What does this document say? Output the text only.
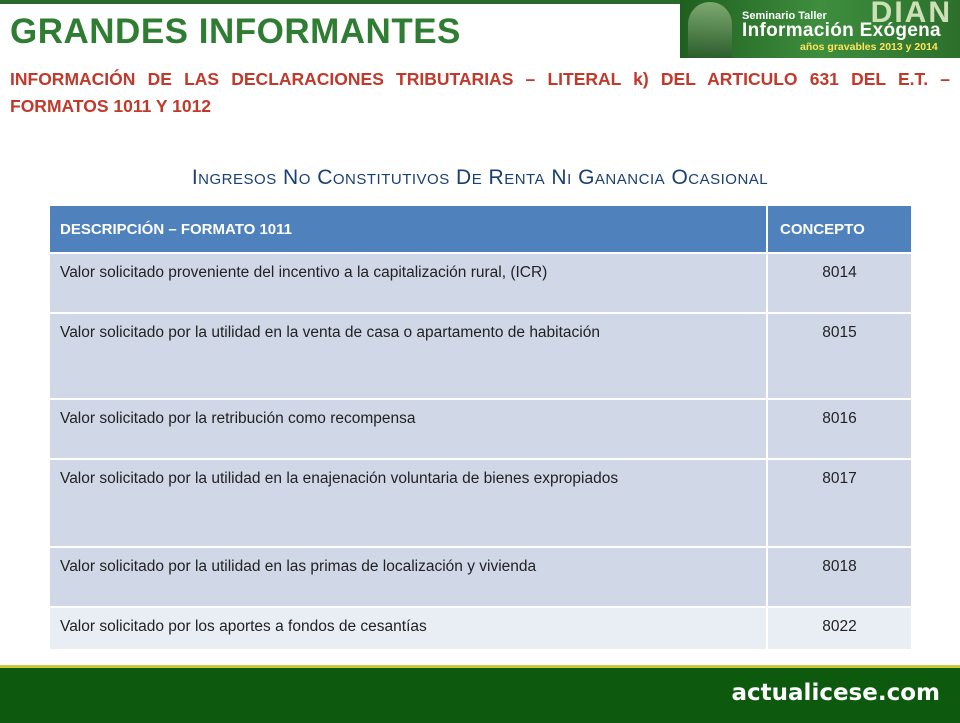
GRANDES INFORMANTES	DIAN
Seminario Taller
Información Exógena
años gravables 2013 y 2014
INFORMACIÓN DE LAS DECLARACIONES TRIBUTARIAS – LITERAL k) DEL ARTICULO 631 DEL E.T. – FORMATOS 1011 Y 1012
Ingresos No Constitutivos De Renta Ni Ganancia Ocasional
DESCRIPCIÓN – FORMATO 1011	CONCEPTO
Valor solicitado proveniente del incentivo a la capitalización rural, (ICR)	8014
Valor solicitado por la utilidad en la venta de casa o apartamento de habitación	8015
Valor solicitado por la retribución como recompensa	8016
Valor solicitado por la utilidad en la enajenación voluntaria de bienes expropiados	8017
Valor solicitado por la utilidad en las primas de localización y vivienda	8018
Valor solicitado por los aportes a fondos de cesantías	8022
actualicese.com
